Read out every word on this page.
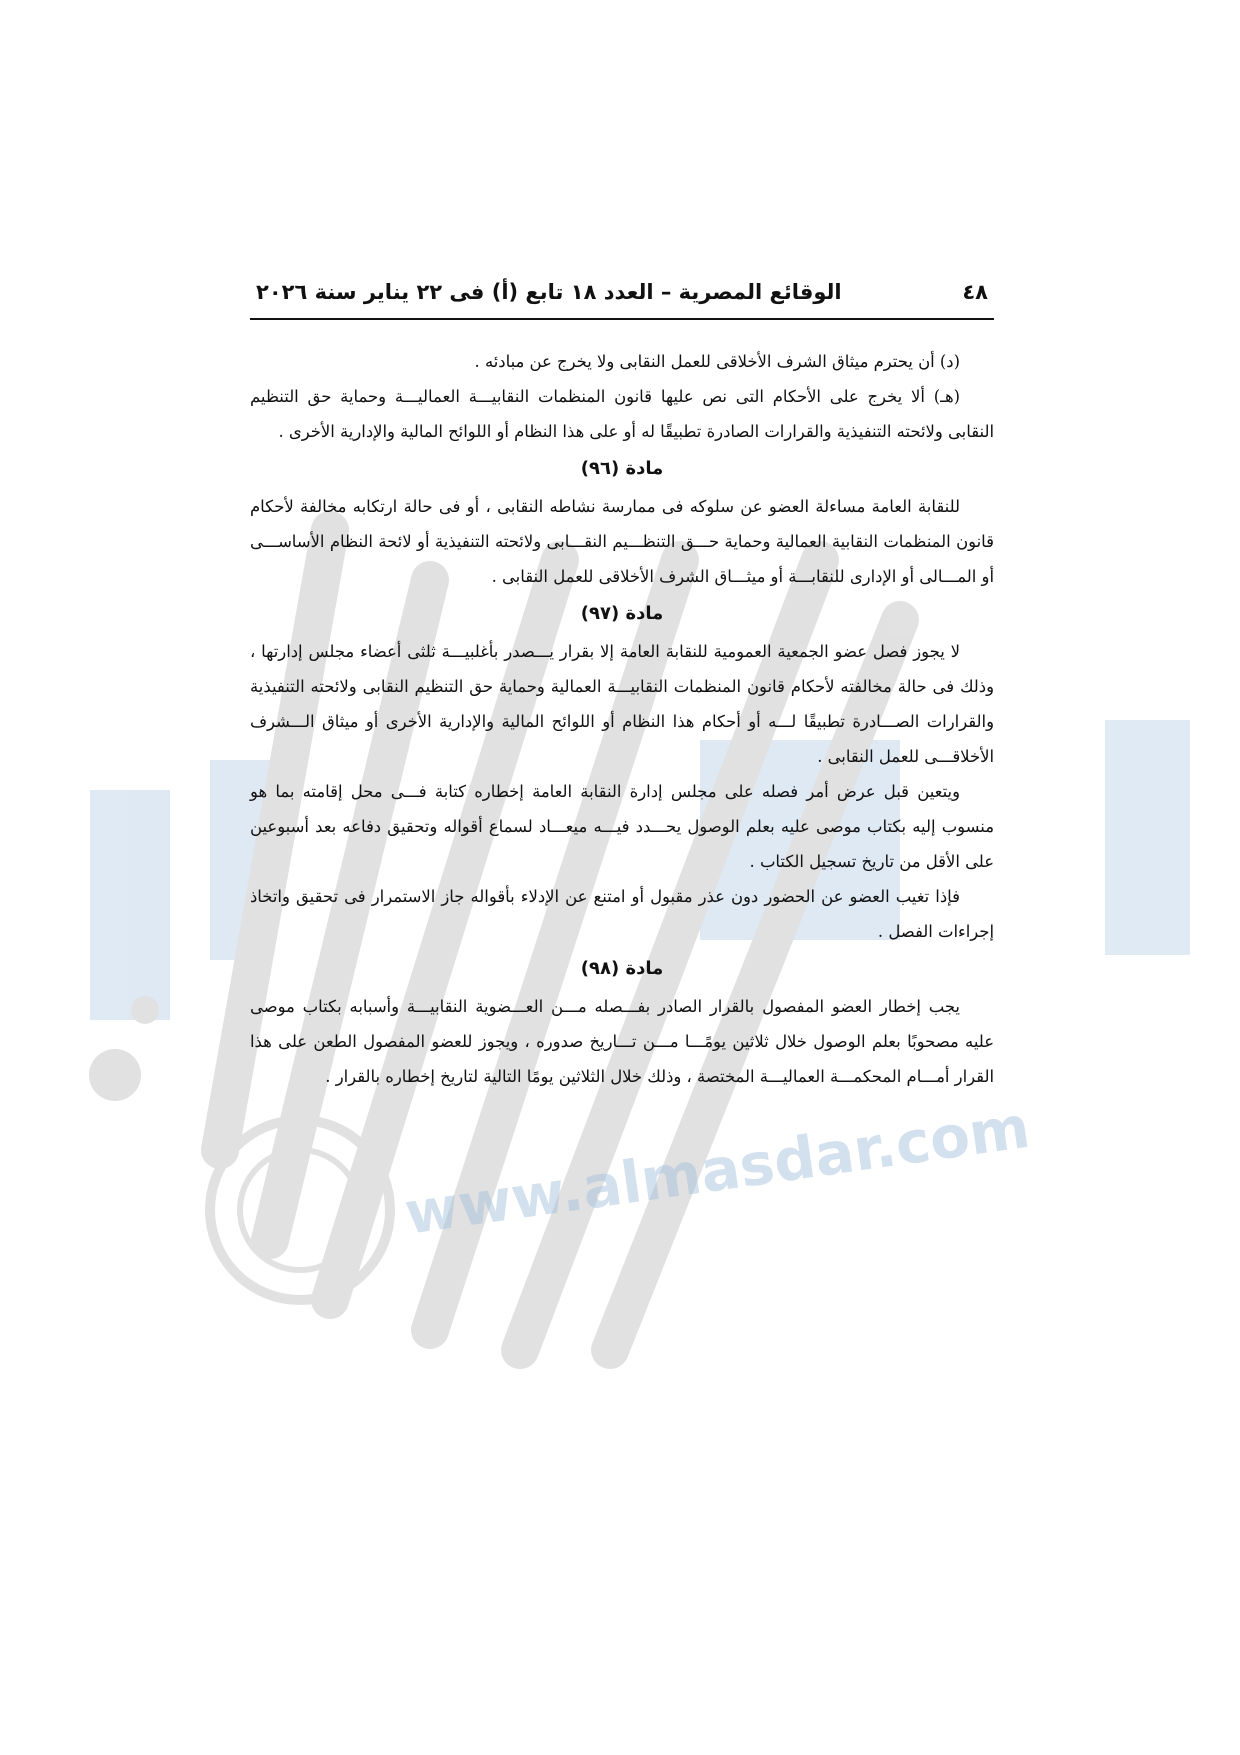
www.almasdar.com
٤٨
الوقائع المصرية – العدد ١٨ تابع (أ) فى ٢٢ يناير سنة ٢٠٢٦

(د) أن يحترم ميثاق الشرف الأخلاقى للعمل النقابى ولا يخرج عن مبادئه .

(هـ) ألا يخرج على الأحكام التى نص عليها قانون المنظمات النقابيـــة العماليـــة وحماية حق التنظيم النقابى ولائحته التنفيذية والقرارات الصادرة تطبيقًا له أو على هذا النظام أو اللوائح المالية والإدارية الأخرى .

مادة (٩٦)

للنقابة العامة مساءلة العضو عن سلوكه فى ممارسة نشاطه النقابى ، أو فى حالة ارتكابه مخالفة لأحكام قانون المنظمات النقابية العمالية وحماية حـــق التنظـــيم النقـــابى ولائحته التنفيذية أو لائحة النظام الأساســـى أو المـــالى أو الإدارى للنقابـــة أو ميثـــاق الشرف الأخلاقى للعمل النقابى .

مادة (٩٧)

لا يجوز فصل عضو الجمعية العمومية للنقابة العامة إلا بقرار يـــصدر بأغلبيـــة ثلثى أعضاء مجلس إدارتها ، وذلك فى حالة مخالفته لأحكام قانون المنظمات النقابيـــة العمالية وحماية حق التنظيم النقابى ولائحته التنفيذية والقرارات الصـــادرة تطبيقًا لـــه أو أحكام هذا النظام أو اللوائح المالية والإدارية الأخرى أو ميثاق الـــشرف الأخلاقـــى للعمل النقابى .

ويتعين قبل عرض أمر فصله على مجلس إدارة النقابة العامة إخطاره كتابة فـــى محل إقامته بما هو منسوب إليه بكتاب موصى عليه بعلم الوصول يحـــدد فيـــه ميعـــاد لسماع أقواله وتحقيق دفاعه بعد أسبوعين على الأقل من تاريخ تسجيل الكتاب .

فإذا تغيب العضو عن الحضور دون عذر مقبول أو امتنع عن الإدلاء بأقواله جاز الاستمرار فى تحقيق واتخاذ إجراءات الفصل .

مادة (٩٨)

يجب إخطار العضو المفصول بالقرار الصادر بفـــصله مـــن العـــضوية النقابيـــة وأسبابه بكتاب موصى عليه مصحوبًا بعلم الوصول خلال ثلاثين يومًـــا مـــن تـــاريخ صدوره ، ويجوز للعضو المفصول الطعن على هذا القرار أمـــام المحكمـــة العماليـــة المختصة ، وذلك خلال الثلاثين يومًا التالية لتاريخ إخطاره بالقرار .
